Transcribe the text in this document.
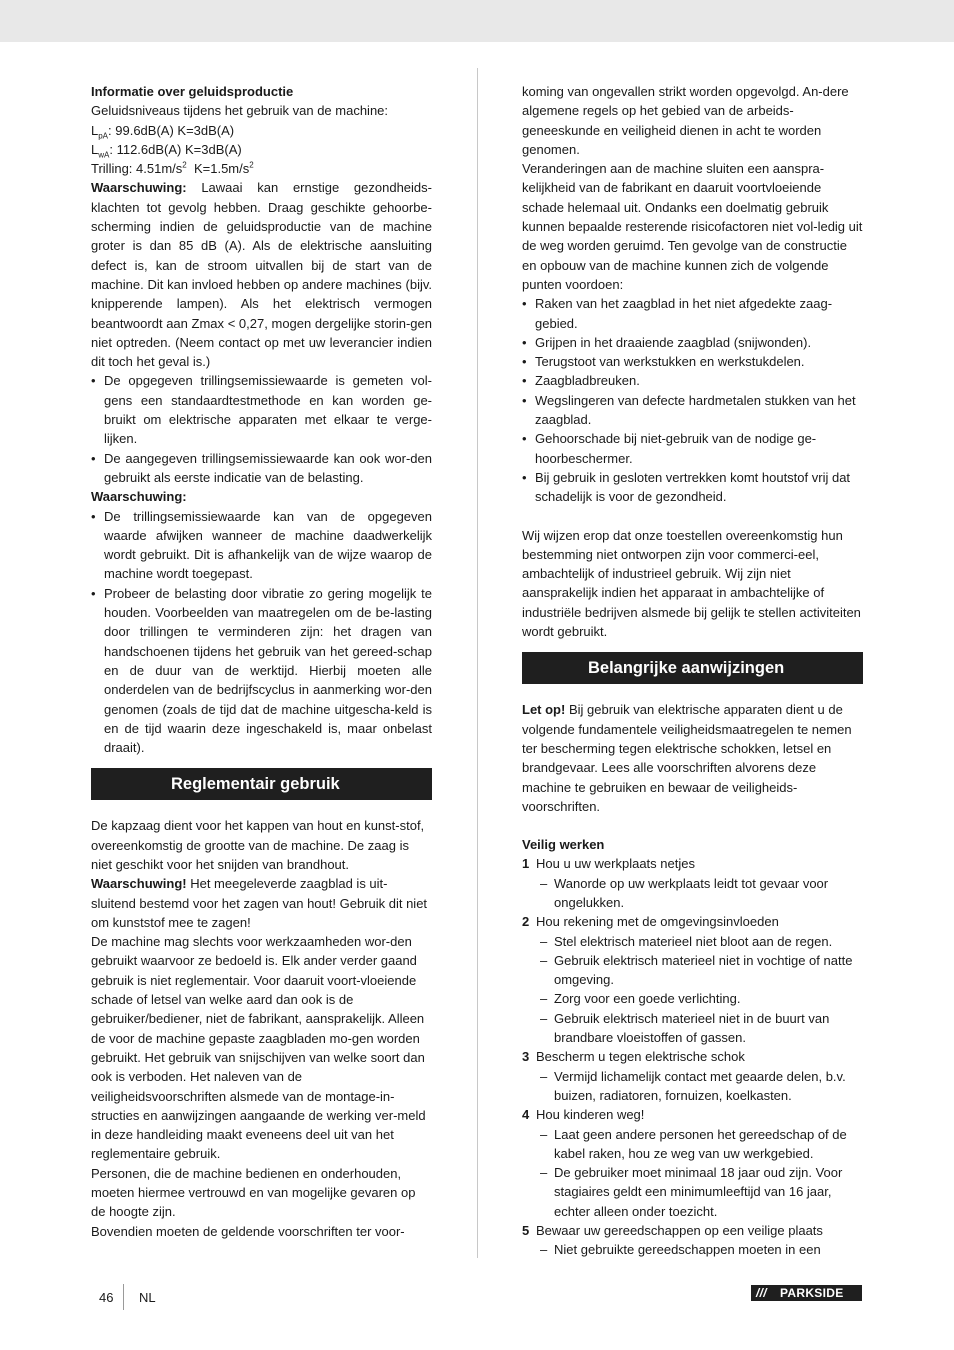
Informatie over geluidsproductie

Geluidsniveaus tijdens het gebruik van de machine:

$L_{pA}$: 99.6dB(A) K=3dB(A)

$L_{wA}$: 112.6dB(A) K=3dB(A)

Trilling: $4.51m/s^2$  $K=1.5m/s^2$

Waarschuwing: Lawaai kan ernstige gezondheids-klachten tot gevolg hebben. Draag geschikte gehoorbe-scherming indien de geluidsproductie van de machine groter is dan 85 dB (A). Als de elektrische aansluiting defect is, kan de stroom uitvallen bij de start van de machine. Dit kan invloed hebben op andere machines (bijv. knipperende lampen). Als het elektrisch vermogen beantwoordt aan Zmax < 0,27, mogen dergelijke storin-gen niet optreden. (Neem contact op met uw leverancier indien dit toch het geval is.)

• De opgegeven trillingsemissiewaarde is gemeten vol-gens een standaardtestmethode en kan worden ge-bruikt om elektrische apparaten met elkaar te verge-lijken.
• De aangegeven trillingsemissiewaarde kan ook wor-den gebruikt als eerste indicatie van de belasting.

Waarschuwing:

• De trillingsemissiewaarde kan van de opgegeven waarde afwijken wanneer de machine daadwerkelijk wordt gebruikt. Dit is afhankelijk van de wijze waarop de machine wordt toegepast.
• Probeer de belasting door vibratie zo gering mogelijk te houden. Voorbeelden van maatregelen om de be-lasting door trillingen te verminderen zijn: het dragen van handschoenen tijdens het gebruik van het gereed-schap en de duur van de werktijd. Hierbij moeten alle onderdelen van de bedrijfscyclus in aanmerking wor-den genomen (zoals de tijd dat de machine uitgescha-keld is en de tijd waarin deze ingeschakeld is, maar onbelast draait).
Reglementair gebruik

De kapzaag dient voor het kappen van hout en kunst-stof, overeenkomstig de grootte van de machine. De zaag is niet geschikt voor het snijden van brandhout.

Waarschuwing! Het meegeleverde zaagblad is uit-sluitend bestemd voor het zagen van hout! Gebruik dit niet om kunststof mee te zagen!

De machine mag slechts voor werkzaamheden wor-den gebruikt waarvoor ze bedoeld is. Elk ander verder gaand gebruik is niet reglementair. Voor daaruit voort-vloeiende schade of letsel van welke aard dan ook is de

gebruiker/bediener, niet de fabrikant, aansprakelijk. Alleen de voor de machine gepaste zaagbladen mo-gen worden gebruikt. Het gebruik van snijschijven van welke soort dan ook is verboden. Het naleven van de veiligheidsvoorschriften alsmede van de montage-in-structies en aanwijzingen aangaande de werking ver-meld in deze handleiding maakt eveneens deel uit van het reglementaire gebruik.

Personen, die de machine bedienen en onderhouden, moeten hiermee vertrouwd en van mogelijke gevaren op de hoogte zijn.

Bovendien moeten de geldende voorschriften ter voor-

koming van ongevallen strikt worden opgevolgd. An-dere algemene regels op het gebied van de arbeids-geneeskunde en veiligheid dienen in acht te worden genomen.

Veranderingen aan de machine sluiten een aanspra-kelijkheid van de fabrikant en daaruit voortvloeiende schade helemaal uit. Ondanks een doelmatig gebruik kunnen bepaalde resterende risicofactoren niet vol-ledig uit de weg worden geruimd. Ten gevolge van de constructie en opbouw van de machine kunnen zich de volgende punten voordoen:

• Raken van het zaagblad in het niet afgedekte zaag-gebied.
• Grijpen in het draaiende zaagblad (snijwonden).
• Terugstoot van werkstukken en werkstukdelen.
• Zaagbladbreuken.
• Wegslingeren van defecte hardmetalen stukken van het zaagblad.
• Gehoorschade bij niet-gebruik van de nodige ge-hoorbeschermer.
• Bij gebruik in gesloten vertrekken komt houtstof vrij dat schadelijk is voor de gezondheid.

Wij wijzen erop dat onze toestellen overeenkomstig hun bestemming niet ontworpen zijn voor commerci-eel, ambachtelijk of industrieel gebruik. Wij zijn niet aansprakelijk indien het apparaat in ambachtelijke of industriële bedrijven alsmede bij gelijk te stellen activiteiten wordt gebruikt.

Belangrijke aanwijzingen

Let op! Bij gebruik van elektrische apparaten dient u de volgende fundamentele veiligheidsmaatregelen te nemen ter bescherming tegen elektrische schokken, letsel en brandgevaar. Lees alle voorschriften alvorens deze machine te gebruiken en bewaar de veiligheids-voorschriften.

Veilig werken

1 Hou u uw werkplaats netjes
– Wanorde op uw werkplaats leidt tot gevaar voor ongelukken.
2 Hou rekening met de omgevingsinvloeden
– Stel elektrisch materieel niet bloot aan de regen.
– Gebruik elektrisch materieel niet in vochtige of natte omgeving.
– Zorg voor een goede verlichting.
– Gebruik elektrisch materieel niet in de buurt van brandbare vloeistoffen of gassen.
3 Bescherm u tegen elektrische schok
– Vermijd lichamelijk contact met geaarde delen, b.v. buizen, radiatoren, fornuizen, koelkasten.
4 Hou kinderen weg!
– Laat geen andere personen het gereedschap of de kabel raken, hou ze weg van uw werkgebied.
– De gebruiker moet minimaal 18 jaar oud zijn. Voor stagiaires geldt een minimumleeftijd van 16 jaar, echter alleen onder toezicht.
5 Bewaar uw gereedschappen op een veilige plaats
– Niet gebruikte gereedschappen moeten in een
46 NL	/// PARKSIDE
